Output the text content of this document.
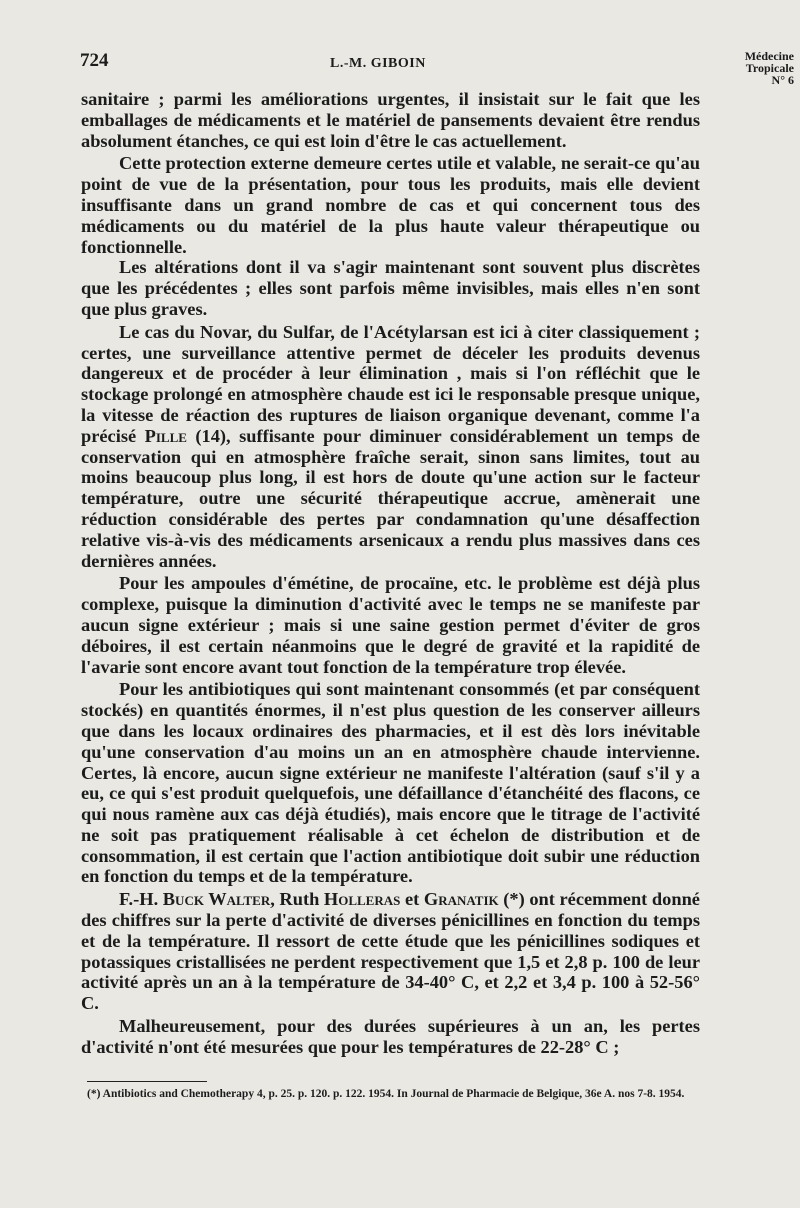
724	L.-M. GIBOIN	Médecine
Tropicale
N° 6

sanitaire ; parmi les améliorations urgentes, il insistait sur le fait que les emballages de médicaments et le matériel de pansements devaient être rendus absolument étanches, ce qui est loin d'être le cas actuellement.

Cette protection externe demeure certes utile et valable, ne serait-ce qu'au point de vue de la présentation, pour tous les produits, mais elle devient insuffisante dans un grand nombre de cas et qui concernent tous des médicaments ou du matériel de la plus haute valeur thérapeutique ou fonctionnelle.

Les altérations dont il va s'agir maintenant sont souvent plus discrètes que les précédentes ; elles sont parfois même invisibles, mais elles n'en sont que plus graves.

Le cas du Novar, du Sulfar, de l'Acétylarsan est ici à citer classiquement ; certes, une surveillance attentive permet de déceler les produits devenus dangereux et de procéder à leur élimination , mais si l'on réfléchit que le stockage prolongé en atmosphère chaude est ici le responsable presque unique, la vitesse de réaction des ruptures de liaison organique devenant, comme l'a précisé Pille (14), suffisante pour diminuer considérablement un temps de conservation qui en atmosphère fraîche serait, sinon sans limites, tout au moins beaucoup plus long, il est hors de doute qu'une action sur le facteur température, outre une sécurité thérapeutique accrue, amènerait une réduction considérable des pertes par condamnation qu'une désaffection relative vis-à-vis des médicaments arsenicaux a rendu plus massives dans ces dernières années.

Pour les ampoules d'émétine, de procaïne, etc. le problème est déjà plus complexe, puisque la diminution d'activité avec le temps ne se manifeste par aucun signe extérieur ; mais si une saine gestion permet d'éviter de gros déboires, il est certain néanmoins que le degré de gravité et la rapidité de l'avarie sont encore avant tout fonction de la température trop élevée.

Pour les antibiotiques qui sont maintenant consommés (et par conséquent stockés) en quantités énormes, il n'est plus question de les conserver ailleurs que dans les locaux ordinaires des pharmacies, et il est dès lors inévitable qu'une conservation d'au moins un an en atmosphère chaude intervienne. Certes, là encore, aucun signe extérieur ne manifeste l'altération (sauf s'il y a eu, ce qui s'est produit quelquefois, une défaillance d'étanchéité des flacons, ce qui nous ramène aux cas déjà étudiés), mais encore que le titrage de l'activité ne soit pas pratiquement réalisable à cet échelon de distribution et de consommation, il est certain que l'action antibiotique doit subir une réduction en fonction du temps et de la température.

F.-H. Buck Walter, Ruth Holleras et Granatik (*) ont récemment donné des chiffres sur la perte d'activité de diverses pénicillines en fonction du temps et de la température. Il ressort de cette étude que les pénicillines sodiques et potassiques cristallisées ne perdent respectivement que 1,5 et 2,8 p. 100 de leur activité après un an à la température de 34-40° C, et 2,2 et 3,4 p. 100 à 52-56° C.

Malheureusement, pour des durées supérieures à un an, les pertes d'activité n'ont été mesurées que pour les températures de 22-28° C ;

(*) Antibiotics and Chemotherapy 4, p. 25. p. 120. p. 122. 1954. In Journal de Pharmacie de Belgique, 36e A. nos 7-8. 1954.
